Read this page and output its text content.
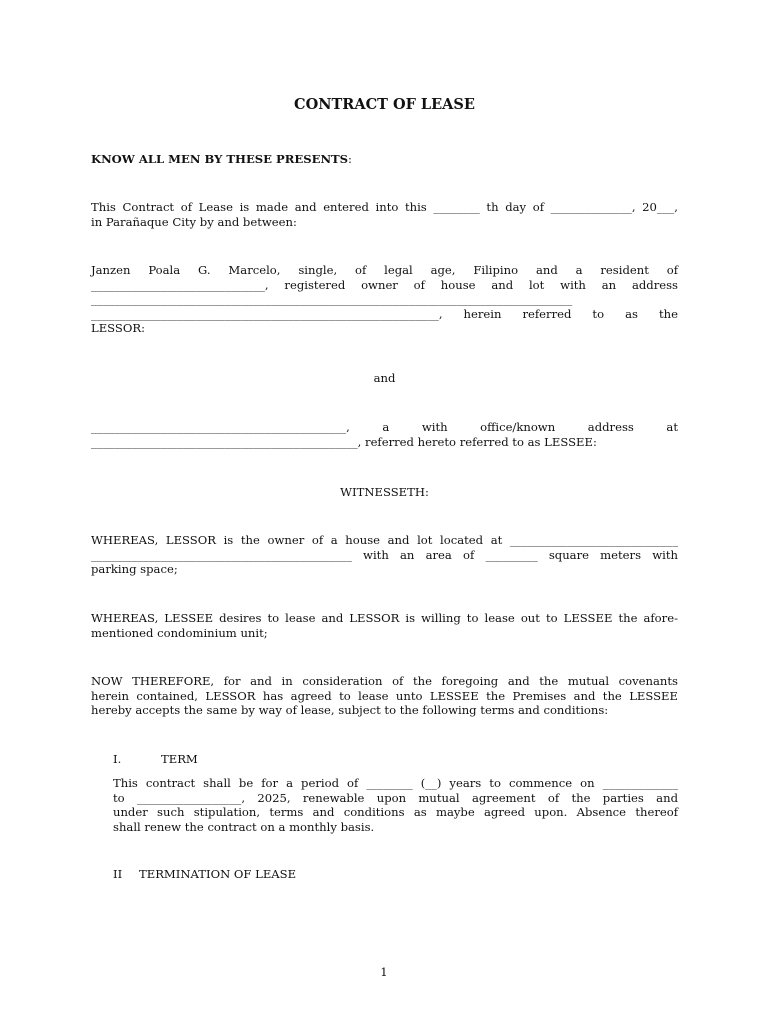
CONTRACT OF LEASE

KNOW ALL MEN BY THESE PRESENTS:

This Contract of Lease is made and entered into this ________ th day of ______________, 20___,
in Parañaque City by and between:
Janzen Poala G. Marcelo, single, of legal age, Filipino and a resident of
______________________________, registered owner of house and lot with an address
___________________________________________________________________________________
____________________________________________________________, herein referred to as the
LESSOR:

and

____________________________________________, a with office/known address at
______________________________________________, referred hereto referred to as LESSEE:

WITNESSETH:

WHEREAS, LESSOR is the owner of a house and lot located at _____________________________
_____________________________________________ with an area of _________ square meters with
parking space;
WHEREAS, LESSEE desires to lease and LESSOR is willing to lease out to LESSEE the afore-
mentioned condominium unit;
NOW THEREFORE, for and in consideration of the foregoing and the mutual covenants
herein contained, LESSOR has agreed to lease unto LESSEE the Premises and the LESSEE
hereby accepts the same by way of lease, subject to the following terms and conditions:

I.	TERM

This contract shall be for a period of ________ (__) years to commence on _____________
to __________________, 2025, renewable upon mutual agreement of the parties and
under such stipulation, terms and conditions as maybe agreed upon. Absence thereof
shall renew the contract on a monthly basis.

II TERMINATION OF LEASE

1
